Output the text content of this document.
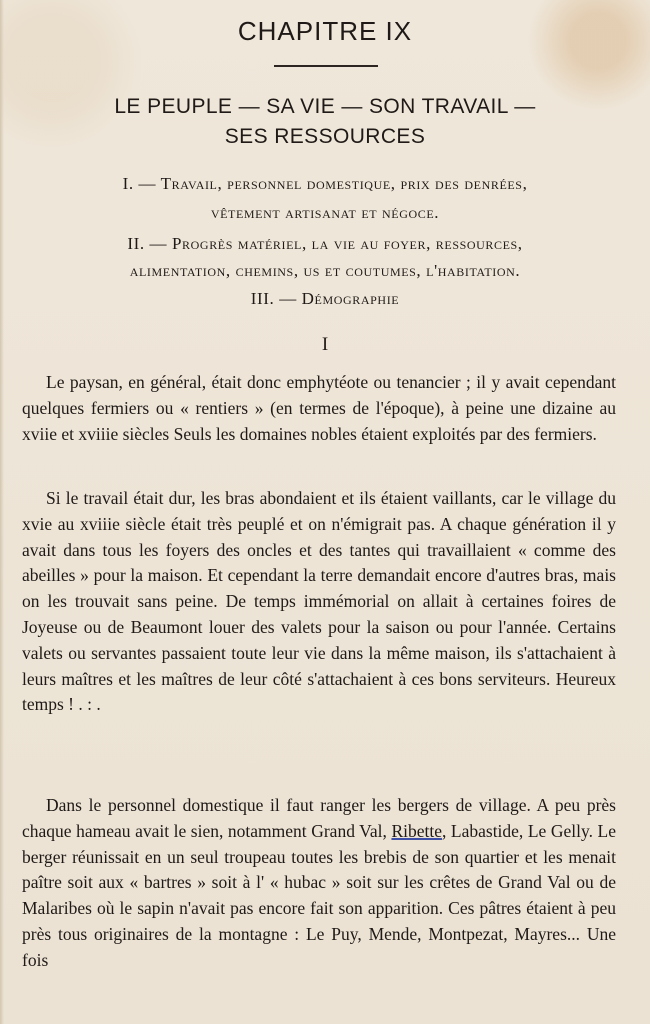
CHAPITRE IX
LE PEUPLE — SA VIE — SON TRAVAIL —
SES RESSOURCES
I. — Travail, personnel domestique, prix des denrées,
vêtement artisanat et négoce.
II. — Progrès matériel, la vie au foyer, ressources,
alimentation, chemins, us et coutumes, l'habitation.
III. — Démographie
I
Le paysan, en général, était donc emphytéote ou tenancier ; il y avait cependant quelques fermiers ou « rentiers » (en termes de l'époque), à peine une dizaine au xviie et xviiie siècles Seuls les domaines nobles étaient exploités par des fermiers.
Si le travail était dur, les bras abondaient et ils étaient vaillants, car le village du xvie au xviiie siècle était très peuplé et on n'émigrait pas. A chaque génération il y avait dans tous les foyers des oncles et des tantes qui travaillaient « comme des abeilles » pour la maison. Et cependant la terre demandait encore d'autres bras, mais on les trouvait sans peine. De temps immémorial on allait à certaines foires de Joyeuse ou de Beaumont louer des valets pour la saison ou pour l'année. Certains valets ou servantes passaient toute leur vie dans la même maison, ils s'attachaient à leurs maîtres et les maîtres de leur côté s'attachaient à ces bons serviteurs. Heureux temps ! . : .
Dans le personnel domestique il faut ranger les bergers de village. A peu près chaque hameau avait le sien, notamment Grand Val, Ribette, Labastide, Le Gelly. Le berger réunissait en un seul troupeau toutes les brebis de son quartier et les menait paître soit aux « bartres » soit à l' « hubac » soit sur les crêtes de Grand Val ou de Malaribes où le sapin n'avait pas encore fait son apparition. Ces pâtres étaient à peu près tous originaires de la montagne : Le Puy, Mende, Montpezat, Mayres... Une fois
